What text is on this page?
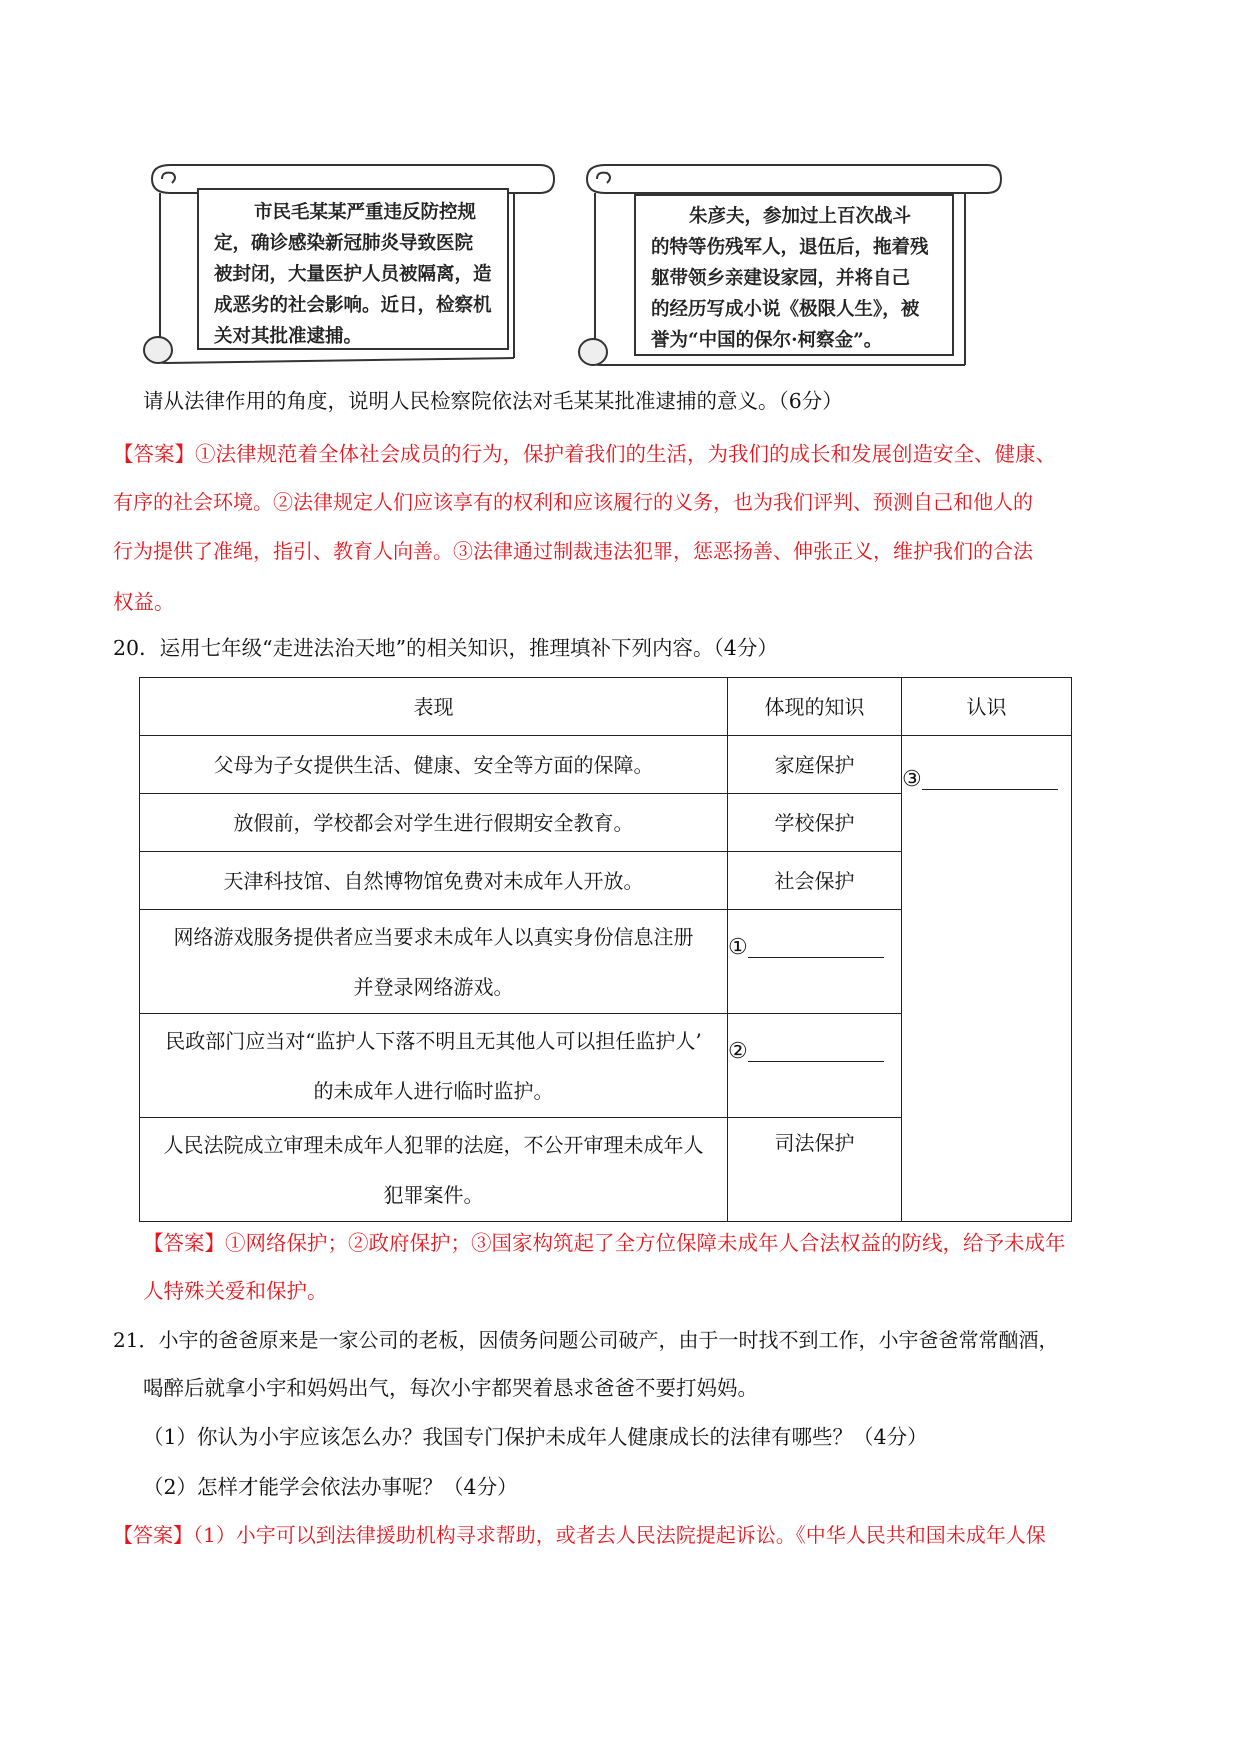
市民毛某某严重违反防控规
定，确诊感染新冠肺炎导致医院
被封闭，大量医护人员被隔离，造
成恶劣的社会影响。近日，检察机
关对其批准逮捕。
朱彦夫，参加过上百次战斗
的特等伤残军人，退伍后，拖着残
躯带领乡亲建设家园，并将自己
的经历写成小说《极限人生》，被
誉为“中国的保尔·柯察金”。
请从法律作用的角度，说明人民检察院依法对毛某某批准逮捕的意义。（6分）
【答案】①法律规范着全体社会成员的行为，保护着我们的生活，为我们的成长和发展创造安全、健康、
有序的社会环境。②法律规定人们应该享有的权利和应该履行的义务，也为我们评判、预测自己和他人的
行为提供了准绳，指引、教育人向善。③法律通过制裁违法犯罪，惩恶扬善、伸张正义，维护我们的合法
权益。
20．运用七年级“走进法治天地”的相关知识，推理填补下列内容。（4分）
表现	体现的知识	认识
父母为子女提供生活、健康、安全等方面的保障。	家庭保护	③
放假前，学校都会对学生进行假期安全教育。	学校保护	
天津科技馆、自然博物馆免费对未成年人开放。	社会保护	

网络游戏服务提供者应当要求未成年人以真实身份信息注册
并登录网络游戏。	①	

民政部门应当对“监护人下落不明且无其他人可以担任监护人’
的未成年人进行临时监护。	②	

人民法院成立审理未成年人犯罪的法庭，不公开审理未成年人
犯罪案件。	司法保护	
【答案】①网络保护；②政府保护；③国家构筑起了全方位保障未成年人合法权益的防线，给予未成年
人特殊关爱和保护。
21．小宇的爸爸原来是一家公司的老板，因债务问题公司破产，由于一时找不到工作，小宇爸爸常常酗酒，
喝醉后就拿小宇和妈妈出气，每次小宇都哭着恳求爸爸不要打妈妈。
（1）你认为小宇应该怎么办？我国专门保护未成年人健康成长的法律有哪些？（4分）
（2）怎样才能学会依法办事呢？（4分）
【答案】（1）小宇可以到法律援助机构寻求帮助，或者去人民法院提起诉讼。《中华人民共和国未成年人保
